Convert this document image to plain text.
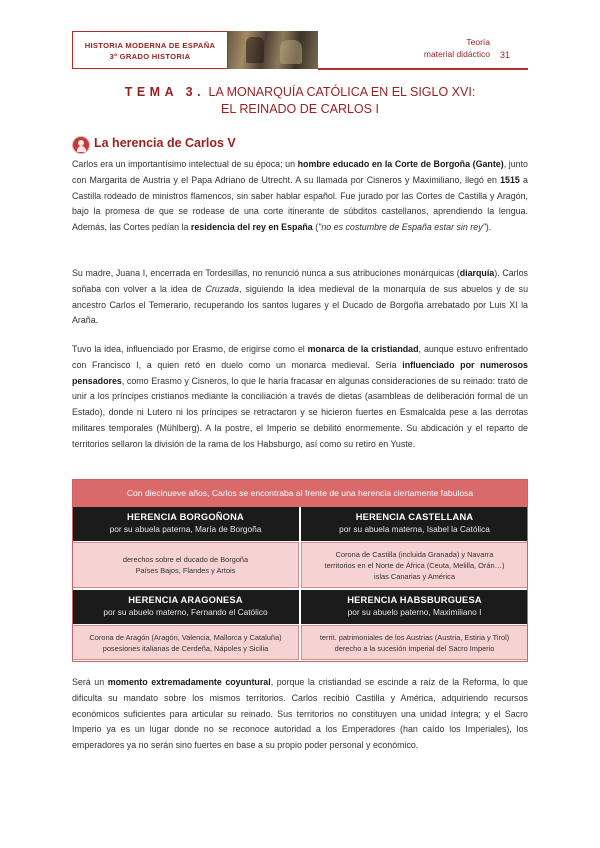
HISTORIA MODERNA DE ESPAÑA
3º GRADO HISTORIA
Teoría
material didáctico 31
TEMA 3. LA MONARQUÍA CATÓLICA EN EL SIGLO XVI:
EL REINADO DE CARLOS I
La herencia de Carlos V
Carlos era un importantísimo intelectual de su época; un hombre educado en la Corte de Borgoña (Gante), junto con Margarita de Austria y el Papa Adriano de Utrecht. A su llamada por Cisneros y Maximiliano, llegó en 1515 a Castilla rodeado de ministros flamencos, sin saber hablar español. Fue jurado por las Cortes de Castilla y Aragón, bajo la promesa de que se rodease de una corte itinerante de súbditos castellanos, aprendiendo la lengua. Además, las Cortes pedían la residencia del rey en España ("no es costumbre de España estar sin rey").
Su madre, Juana I, encerrada en Tordesillas, no renunció nunca a sus atribuciones monárquicas (diarquía). Carlos soñaba con volver a la idea de Cruzada, siguiendo la idea medieval de la monarquía de sus abuelos y de su ancestro Carlos el Temerario, recuperando los santos lugares y el Ducado de Borgoña arrebatado por Luis XI la Araña.
Tuvo la idea, influenciado por Erasmo, de erigirse como el monarca de la cristiandad, aunque estuvo enfrentado con Francisco I, a quien retó en duelo como un monarca medieval. Sería influenciado por numerosos pensadores, como Erasmo y Cisneros, lo que le haría fracasar en algunas consideraciones de su reinado: trató de unir a los príncipes cristianos mediante la conciliación a través de dietas (asambleas de deliberación formal de un Estado), donde ni Lutero ni los príncipes se retractaron y se hicieron fuertes en Esmalcalda pese a las derrotas militares temporales (Mühlberg). A la postre, el Imperio se debilitó enormemente. Su abdicación y el reparto de territorios sellaron la división de la rama de los Habsburgo, así como su retiro en Yuste.
Con diecinueve años, Carlos se encontraba al frente de una herencia ciertamente fabulosa
HERENCIA BORGOÑONA
por su abuela paterna, María de Borgoña
HERENCIA CASTELLANA
por su abuela materna, Isabel la Católica
derechos sobre el ducado de Borgoña
Países Bajos, Flandes y Artois
Corona de Castilla (incluida Granada) y Navarra
territorios en el Norte de África (Ceuta, Melilla, Orán…)
islas Canarias y América
HERENCIA ARAGONESA
por su abuelo materno, Fernando el Católico
HERENCIA HABSBURGUESA
por su abuelo paterno, Maximiliano I
Corona de Aragón (Aragón, Valencia, Mallorca y Cataluña)
posesiones italianas de Cerdeña, Nápoles y Sicilia
territ. patrimoniales de los Austrias (Austria, Estiria y Tirol)
derecho a la sucesión imperial del Sacro Imperio
Será un momento extremadamente coyuntural, porque la cristiandad se escinde a raíz de la Reforma, lo que dificulta su mandato sobre los mismos territorios. Carlos recibió Castilla y América, adquiriendo recursos económicos suficientes para articular su reinado. Sus territorios no constituyen una unidad íntegra; y el Sacro Imperio ya es un lugar donde no se reconoce autoridad a los Emperadores (han caído los Imperiales), los emperadores ya no serán sino fuertes en base a su propio poder personal y económico.
